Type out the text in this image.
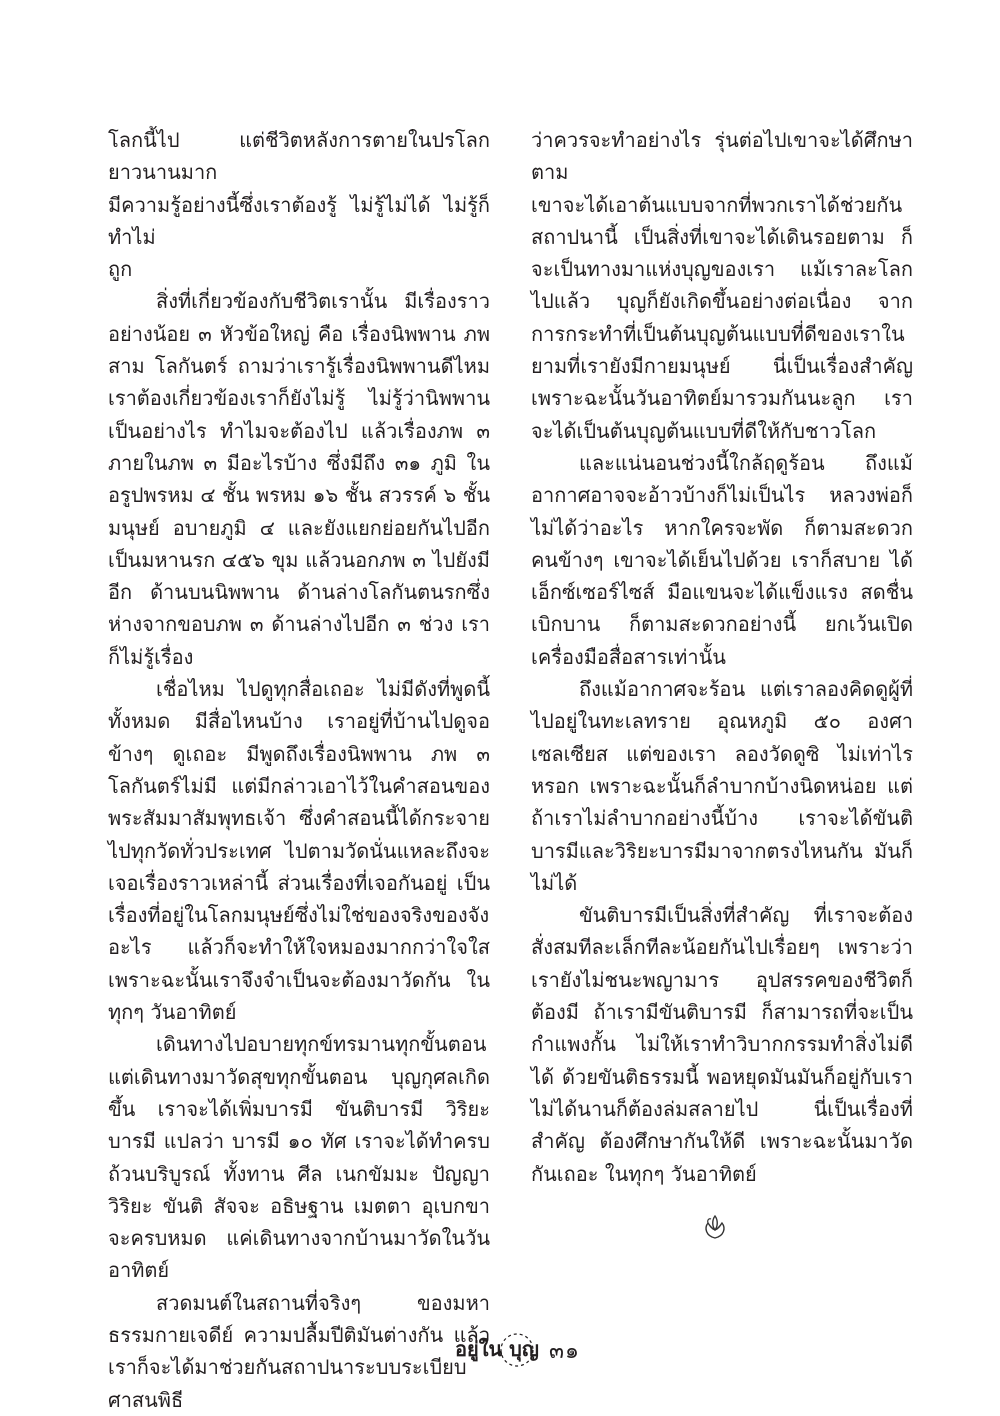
โลกนี้ไป แต่ชีวิตหลังการตายในปรโลกยาวนานมาก

มีความรู้อย่างนี้ซึ่งเราต้องรู้ ไม่รู้ไม่ได้ ไม่รู้ก็ทำไม่

ถูก

สิ่งที่เกี่ยวข้องกับชีวิตเรานั้น มีเรื่องราวอย่างน้อย ๓ หัวข้อใหญ่ คือ เรื่องนิพพาน ภพสาม โลกันตร์ ถามว่าเรารู้เรื่องนิพพานดีไหม เราต้องเกี่ยวข้องเราก็ยังไม่รู้ ไม่รู้ว่านิพพานเป็นอย่างไร ทำไมจะต้องไป แล้วเรื่องภพ ๓ ภายในภพ ๓ มีอะไรบ้าง ซึ่งมีถึง ๓๑ ภูมิ ในอรูปพรหม ๔ ชั้น พรหม ๑๖ ชั้น สวรรค์ ๖ ชั้น มนุษย์ อบายภูมิ ๔ และยังแยกย่อยกันไปอีก เป็นมหานรก ๔๕๖ ขุม แล้วนอกภพ ๓ ไปยังมีอีก ด้านบนนิพพาน ด้านล่างโลกันตนรกซึ่งห่างจากขอบภพ ๓ ด้านล่างไปอีก ๓ ช่วง เราก็ไม่รู้เรื่อง

เชื่อไหม ไปดูทุกสื่อเถอะ ไม่มีดังที่พูดนี้ทั้งหมด มีสื่อไหนบ้าง เราอยู่ที่บ้านไปดูจอข้างๆ ดูเถอะ มีพูดถึงเรื่องนิพพาน ภพ ๓ โลกันตร์ไม่มี แต่มีกล่าวเอาไว้ในคำสอนของพระสัมมาสัมพุทธเจ้า ซึ่งคำสอนนี้ได้กระจายไปทุกวัดทั่วประเทศ ไปตามวัดนั่นแหละถึงจะเจอเรื่องราวเหล่านี้ ส่วนเรื่องที่เจอกันอยู่ เป็นเรื่องที่อยู่ในโลกมนุษย์ซึ่งไม่ใช่ของจริงของจังอะไร แล้วก็จะทำให้ใจหมองมากกว่าใจใส เพราะฉะนั้นเราจึงจำเป็นจะต้องมาวัดกัน ในทุกๆ วันอาทิตย์

เดินทางไปอบายทุกข์ทรมานทุกขั้นตอน แต่เดินทางมาวัดสุขทุกขั้นตอน บุญกุศลเกิดขึ้น เราจะได้เพิ่มบารมี ขันติบารมี วิริยะบารมี แปลว่า บารมี ๑๐ ทัศ เราจะได้ทำครบถ้วนบริบูรณ์ ทั้งทาน ศีล เนกขัมมะ ปัญญา วิริยะ ขันติ สัจจะ อธิษฐาน เมตตา อุเบกขา จะครบหมด แค่เดินทางจากบ้านมาวัดในวันอาทิตย์

สวดมนต์ในสถานที่จริงๆ ของมหาธรรมกายเจดีย์ ความปลื้มปีติมันต่างกัน แล้วเราก็จะได้มาช่วยกันสถาปนาระบบระเบียบศาสนพิธี

ว่าควรจะทำอย่างไร รุ่นต่อไปเขาจะได้ศึกษาตาม

เขาจะได้เอาต้นแบบจากที่พวกเราได้ช่วยกันสถาปนานี้ เป็นสิ่งที่เขาจะได้เดินรอยตาม ก็จะเป็นทางมาแห่งบุญของเรา แม้เราละโลกไปแล้ว บุญก็ยังเกิดขึ้นอย่างต่อเนื่อง จากการกระทำที่เป็นต้นบุญต้นแบบที่ดีของเราในยามที่เรายังมีกายมนุษย์ นี่เป็นเรื่องสำคัญ เพราะฉะนั้นวันอาทิตย์มารวมกันนะลูก เราจะได้เป็นต้นบุญต้นแบบที่ดีให้กับชาวโลก

และแน่นอนช่วงนี้ใกล้ฤดูร้อน ถึงแม้อากาศอาจจะอ้าวบ้างก็ไม่เป็นไร หลวงพ่อก็ไม่ได้ว่าอะไร หากใครจะพัด ก็ตามสะดวก คนข้างๆ เขาจะได้เย็นไปด้วย เราก็สบาย ได้เอ็กซ์เซอร์ไซส์ มือแขนจะได้แข็งแรง สดชื่น เบิกบาน ก็ตามสะดวกอย่างนี้ ยกเว้นเปิดเครื่องมือสื่อสารเท่านั้น

ถึงแม้อากาศจะร้อน แต่เราลองคิดดูผู้ที่ไปอยู่ในทะเลทราย อุณหภูมิ ๕๐ องศาเซลเซียส แต่ของเรา ลองวัดดูซิ ไม่เท่าไรหรอก เพราะฉะนั้นก็ลำบากบ้างนิดหน่อย แต่ถ้าเราไม่ลำบากอย่างนี้บ้าง เราจะได้ขันติบารมีและวิริยะบารมีมาจากตรงไหนกัน มันก็ไม่ได้

ขันติบารมีเป็นสิ่งที่สำคัญ ที่เราจะต้องสั่งสมทีละเล็กทีละน้อยกันไปเรื่อยๆ เพราะว่าเรายังไม่ชนะพญามาร อุปสรรคของชีวิตก็ต้องมี ถ้าเรามีขันติบารมี ก็สามารถที่จะเป็นกำแพงกั้น ไม่ให้เราทำวิบากกรรมทำสิ่งไม่ดีได้ ด้วยขันติธรรมนี้ พอหยุดมันมันก็อยู่กับเราไม่ได้นานก็ต้องล่มสลายไป นี่เป็นเรื่องที่สำคัญ ต้องศึกษากันให้ดี เพราะฉะนั้นมาวัดกันเถอะ ในทุกๆ วันอาทิตย์

อยู่ใน บุญ ๓๑
